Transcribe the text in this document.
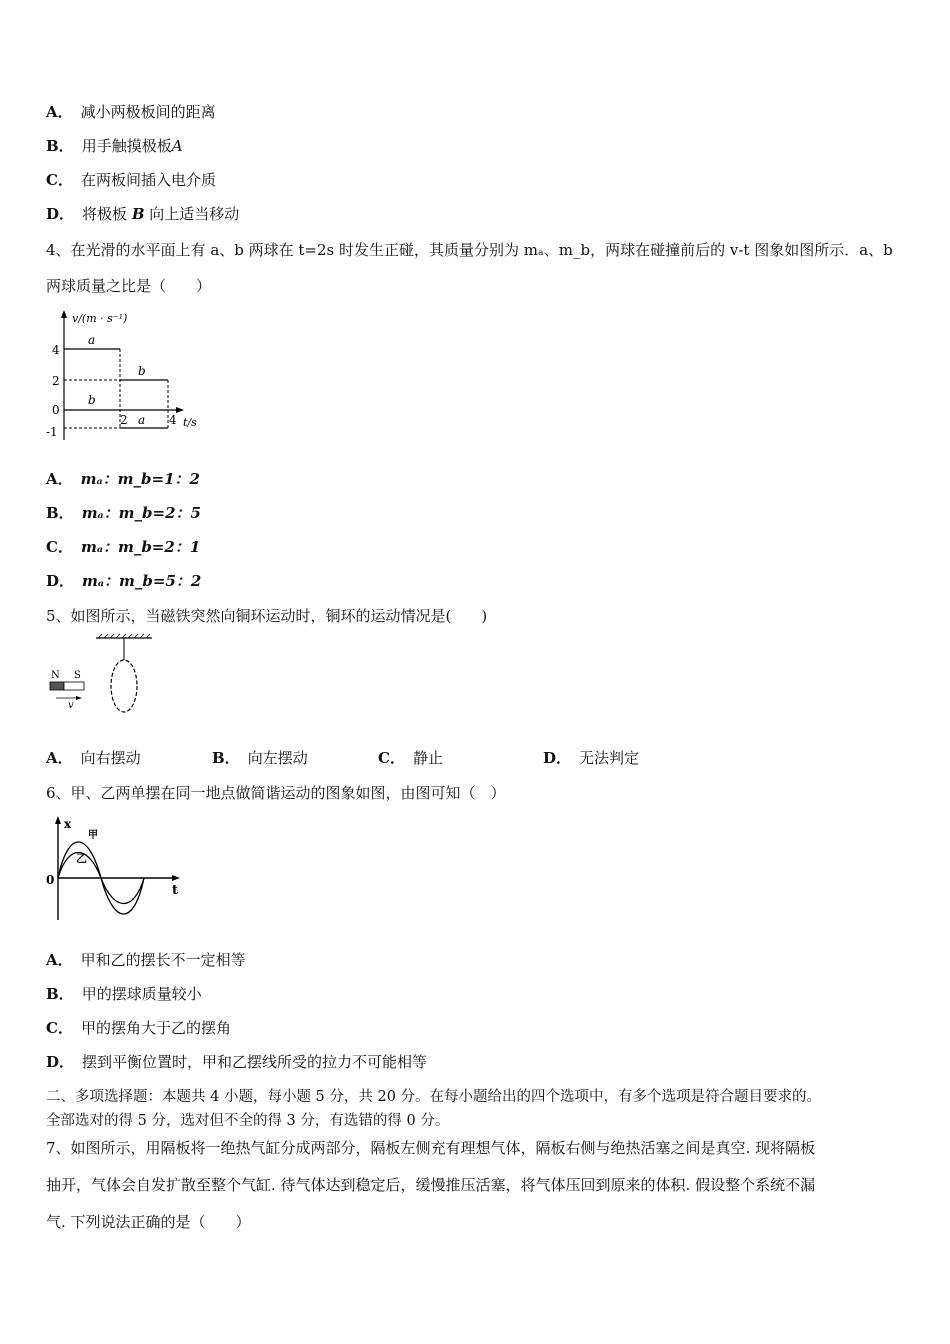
A． 减小两极板间的距离
B． 用手触摸极板A
C． 在两板间插入电介质
D． 将极板 B 向上适当移动
4、在光滑的水平面上有 a、b 两球在 t=2s 时发生正碰，其质量分别为 mₐ、m_b，两球在碰撞前后的 v-t 图象如图所示．a、b
两球质量之比是（　　）
v/(m · s⁻¹)
t/s
4
2
0
-1
a
b
b
a
2	4
A． mₐ：m_b=1：2
B． mₐ：m_b=2：5
C． mₐ：m_b=2：1
D． mₐ：m_b=5：2
5、如图所示，当磁铁突然向铜环运动时，铜环的运动情况是(　　)
N S
v
A． 向右摆动	B． 向左摆动	C． 静止	D． 无法判定
6、甲、乙两单摆在同一地点做简谐运动的图象如图，由图可知（　）
x
t
0
甲
乙
A． 甲和乙的摆长不一定相等
B． 甲的摆球质量较小
C． 甲的摆角大于乙的摆角
D． 摆到平衡位置时，甲和乙摆线所受的拉力不可能相等
二、多项选择题：本题共 4 小题，每小题 5 分，共 20 分。在每小题给出的四个选项中，有多个选项是符合题目要求的。
全部选对的得 5 分，选对但不全的得 3 分，有选错的得 0 分。
7、如图所示，用隔板将一绝热气缸分成两部分，隔板左侧充有理想气体，隔板右侧与绝热活塞之间是真空. 现将隔板
抽开，气体会自发扩散至整个气缸. 待气体达到稳定后，缓慢推压活塞，将气体压回到原来的体积. 假设整个系统不漏
气. 下列说法正确的是（　　）
